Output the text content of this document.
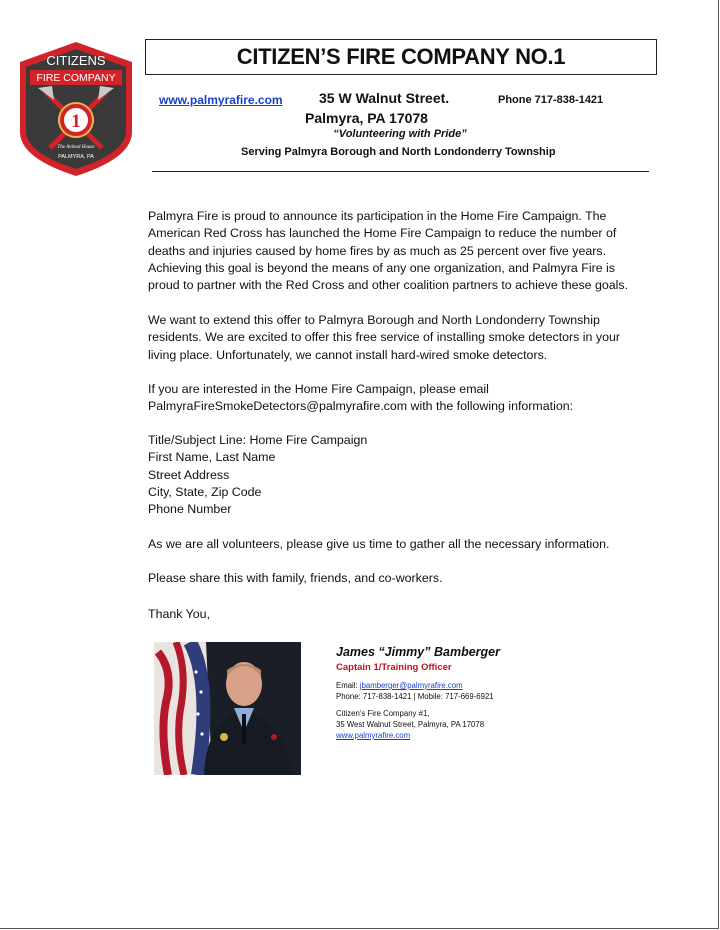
1
CITIZENS
FIRE COMPANY
The Animal House
PALMYRA, PA
CITIZEN’S FIRE COMPANY NO.1
www.palmyrafire.com	35 W Walnut Street.	Phone 717-838-1421
Palmyra, PA 17078
“Volunteering with Pride”
Serving Palmyra Borough and North Londonderry Township
Palmyra Fire is proud to announce its participation in the Home Fire Campaign. The
American Red Cross has launched the Home Fire Campaign to reduce the number of
deaths and injuries caused by home fires by as much as 25 percent over five years.
Achieving this goal is beyond the means of any one organization, and Palmyra Fire is
proud to partner with the Red Cross and other coalition partners to achieve these goals.
We want to extend this offer to Palmyra Borough and North Londonderry Township
residents. We are excited to offer this free service of installing smoke detectors in your
living place. Unfortunately, we cannot install hard-wired smoke detectors.
If you are interested in the Home Fire Campaign, please email
PalmyraFireSmokeDetectors@palmyrafire.com with the following information:
Title/Subject Line: Home Fire Campaign
First Name, Last Name
Street Address
City, State, Zip Code
Phone Number
As we are all volunteers, please give us time to gather all the necessary information.
Please share this with family, friends, and co-workers.
Thank You,
James “Jimmy” Bamberger
Captain 1/Training Officer
Email: jbamberger@palmyrafire.com
Phone: 717-838-1421 | Mobile: 717-669-6921
Citizen’s Fire Company #1,
35 West Walnut Street, Palmyra, PA 17078
www.palmyrafire.com
